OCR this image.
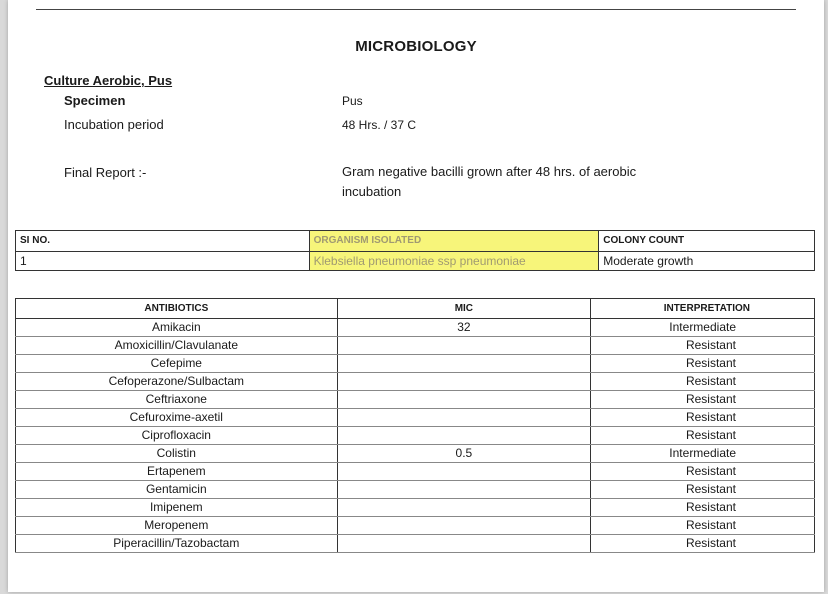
MICROBIOLOGY
Culture Aerobic, Pus
Specimen	Pus
Incubation period	48 Hrs. / 37 C
Final Report :-	Gram negative bacilli grown after 48 hrs. of aerobic
incubation
SI NO.	ORGANISM ISOLATED	COLONY COUNT
1	Klebsiella pneumoniae ssp pneumoniae	Moderate growth
ANTIBIOTICS	MIC	INTERPRETATION
Amikacin	32	Intermediate
Amoxicillin/Clavulanate		Resistant
Cefepime		Resistant
Cefoperazone/Sulbactam		Resistant
Ceftriaxone		Resistant
Cefuroxime-axetil		Resistant
Ciprofloxacin		Resistant
Colistin	0.5	Intermediate
Ertapenem		Resistant
Gentamicin		Resistant
Imipenem		Resistant
Meropenem		Resistant
Piperacillin/Tazobactam		Resistant
